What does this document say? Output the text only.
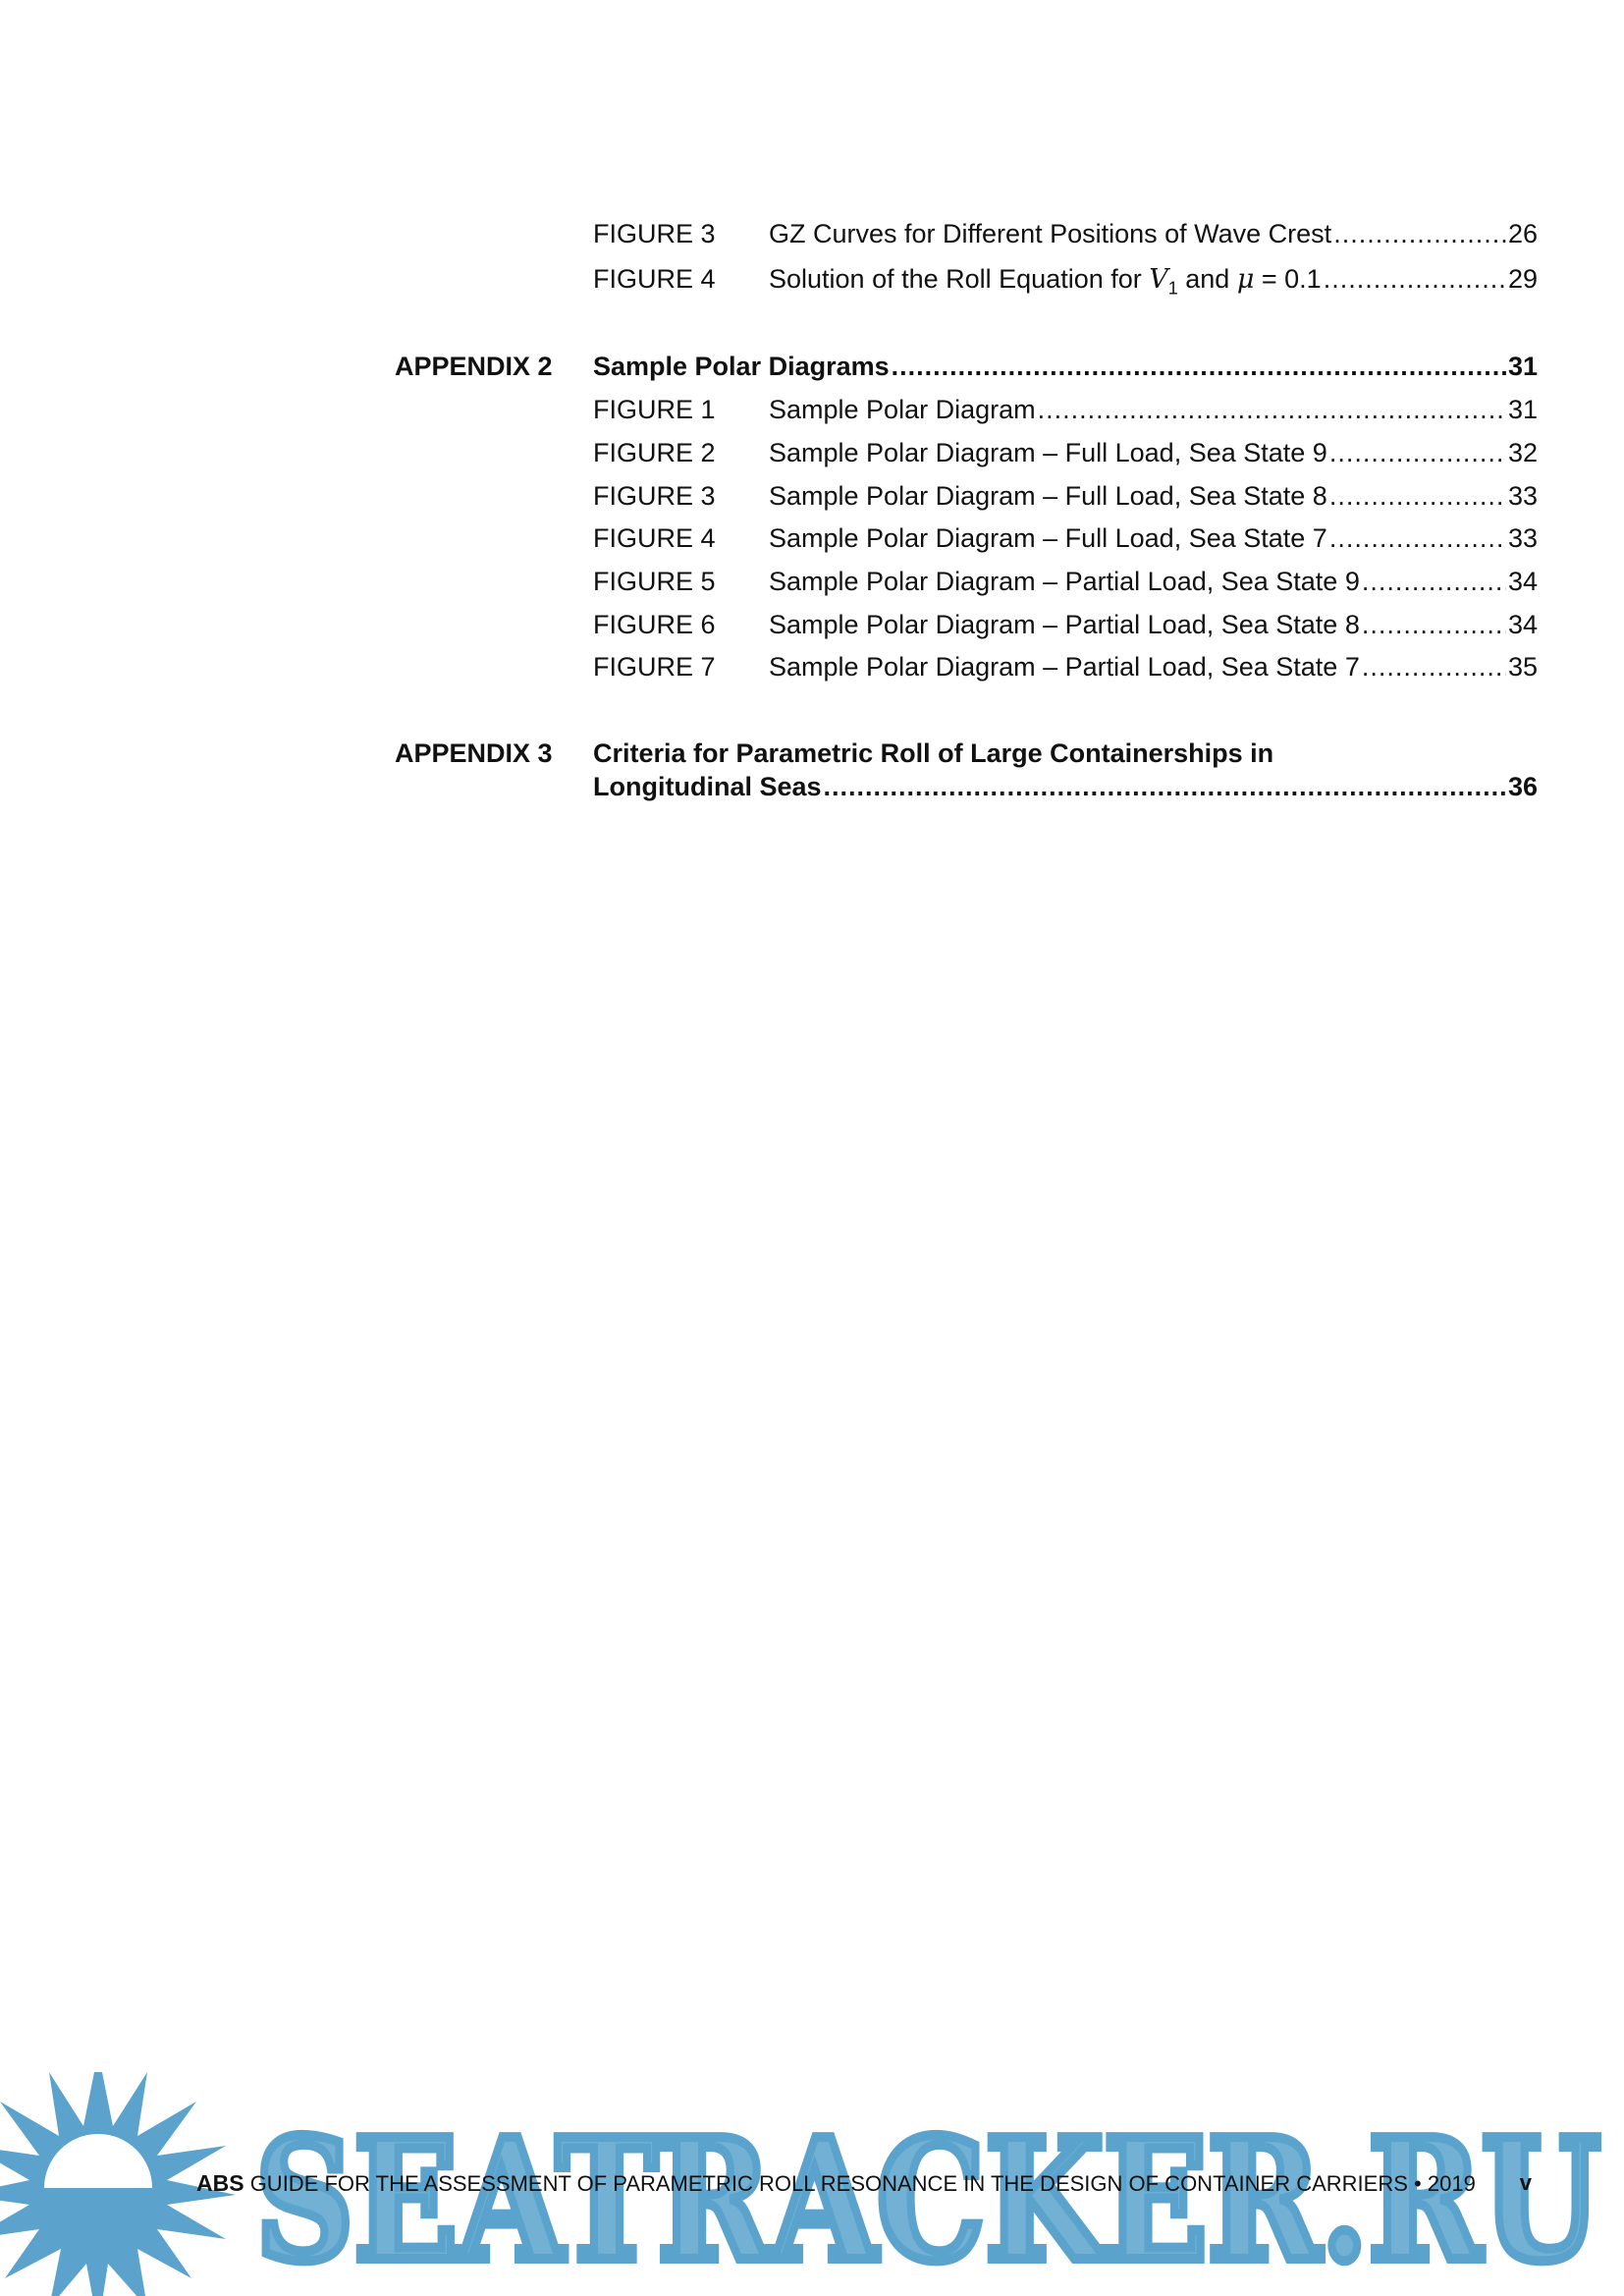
FIGURE 3 GZ Curves for Different Positions of Wave Crest .....	26
FIGURE 4 Solution of the Roll Equation for $V_1$ and μ = 0.1 .....	29
APPENDIX 2 Sample Polar Diagrams .....	31
FIGURE 1 Sample Polar Diagram .....	31
FIGURE 2 Sample Polar Diagram – Full Load, Sea State 9 .....	32
FIGURE 3 Sample Polar Diagram – Full Load, Sea State 8 .....	33
FIGURE 4 Sample Polar Diagram – Full Load, Sea State 7 .....	33
FIGURE 5 Sample Polar Diagram – Partial Load, Sea State 9 .....	34
FIGURE 6 Sample Polar Diagram – Partial Load, Sea State 8 .....	34
FIGURE 7 Sample Polar Diagram – Partial Load, Sea State 7 .....	35
APPENDIX 3 Criteria for Parametric Roll of Large Containerships in
Longitudinal Seas .....	36
SEATRACKER.RU
SEATRACKER.RU
ABS GUIDE FOR THE ASSESSMENT OF PARAMETRIC ROLL RESONANCE IN THE DESIGN OF CONTAINER CARRIERS • 2019 v
